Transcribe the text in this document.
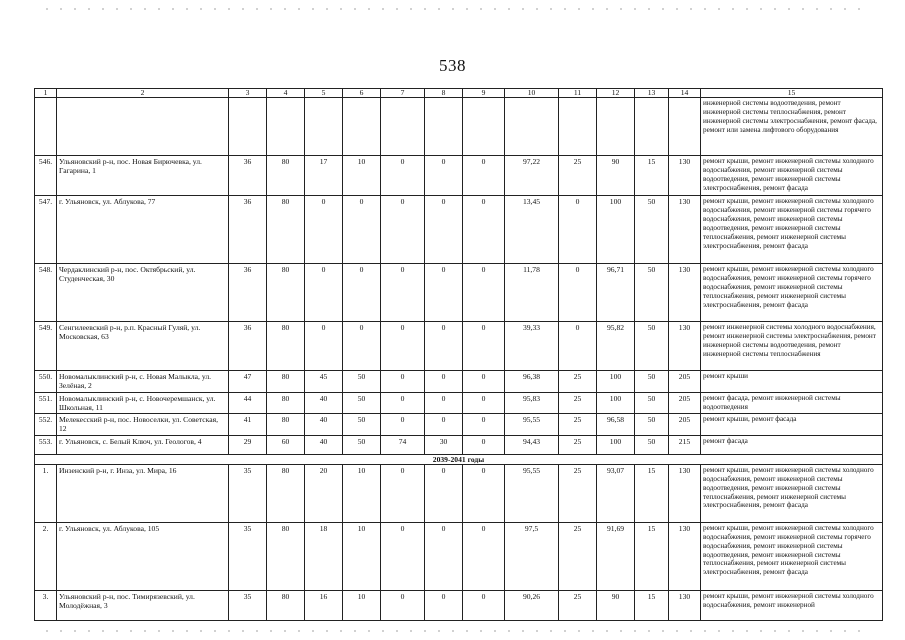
538
1	2	3	4	5	6	7	8	9	10	11	12	13	14	15
														инженерной системы водоотведения, ремонт инженерной системы теплоснабжения, ремонт инженерной системы электроснабжения, ремонт фасада, ремонт или замена лифтового оборудования
546.	Ульяновский р-н, пос. Новая Бирючевка, ул. Гагарина, 1	36	80	17	10	0	0	0	97,22	25	90	15	130	ремонт крыши, ремонт инженерной системы холодного водоснабжения, ремонт инженерной системы водоотведения, ремонт инженерной системы электроснабжения, ремонт фасада
547.	г. Ульяновск, ул. Аблукова, 77	36	80	0	0	0	0	0	13,45	0	100	50	130	ремонт крыши, ремонт инженерной системы холодного водоснабжения, ремонт инженерной системы горячего водоснабжения, ремонт инженерной системы водоотведения, ремонт инженерной системы теплоснабжения, ремонт инженерной системы электроснабжения, ремонт фасада
548.	Чердаклинский р-н, пос. Октябрьский, ул. Студенческая, 30	36	80	0	0	0	0	0	11,78	0	96,71	50	130	ремонт крыши, ремонт инженерной системы холодного водоснабжения, ремонт инженерной системы горячего водоснабжения, ремонт инженерной системы теплоснабжения, ремонт инженерной системы электроснабжения, ремонт фасада
549.	Сенгилеевский р-н, р.п. Красный Гуляй, ул. Московская, 63	36	80	0	0	0	0	0	39,33	0	95,82	50	130	ремонт инженерной системы холодного водоснабжения, ремонт инженерной системы электроснабжения, ремонт инженерной системы водоотведения, ремонт инженерной системы теплоснабжения
550.	Новомалыклинский р-н, с. Новая Малыкла, ул. Зелёная, 2	47	80	45	50	0	0	0	96,38	25	100	50	205	ремонт крыши
551.	Новомалыклинский р-н, с. Новочеремшанск, ул. Школьная, 11	44	80	40	50	0	0	0	95,83	25	100	50	205	ремонт фасада, ремонт инженерной системы водоотведения
552.	Мелекесский р-н, пос. Новоселки, ул. Советская, 12	41	80	40	50	0	0	0	95,55	25	96,58	50	205	ремонт крыши, ремонт фасада
553.	г. Ульяновск, с. Белый Ключ, ул. Геологов, 4	29	60	40	50	74	30	0	94,43	25	100	50	215	ремонт фасада
2039-2041 годы														
1.	Инзенский р-н, г. Инза, ул. Мира, 16	35	80	20	10	0	0	0	95,55	25	93,07	15	130	ремонт крыши, ремонт инженерной системы холодного водоснабжения, ремонт инженерной системы водоотведения, ремонт инженерной системы теплоснабжения, ремонт инженерной системы электроснабжения, ремонт фасада
2.	г. Ульяновск, ул. Аблукова, 105	35	80	18	10	0	0	0	97,5	25	91,69	15	130	ремонт крыши, ремонт инженерной системы холодного водоснабжения, ремонт инженерной системы горячего водоснабжения, ремонт инженерной системы водоотведения, ремонт инженерной системы теплоснабжения, ремонт инженерной системы электроснабжения, ремонт фасада
3.	Ульяновский р-н, пос. Тимирязевский, ул. Молодёжная, 3	35	80	16	10	0	0	0	90,26	25	90	15	130	ремонт крыши, ремонт инженерной системы холодного водоснабжения, ремонт инженерной
